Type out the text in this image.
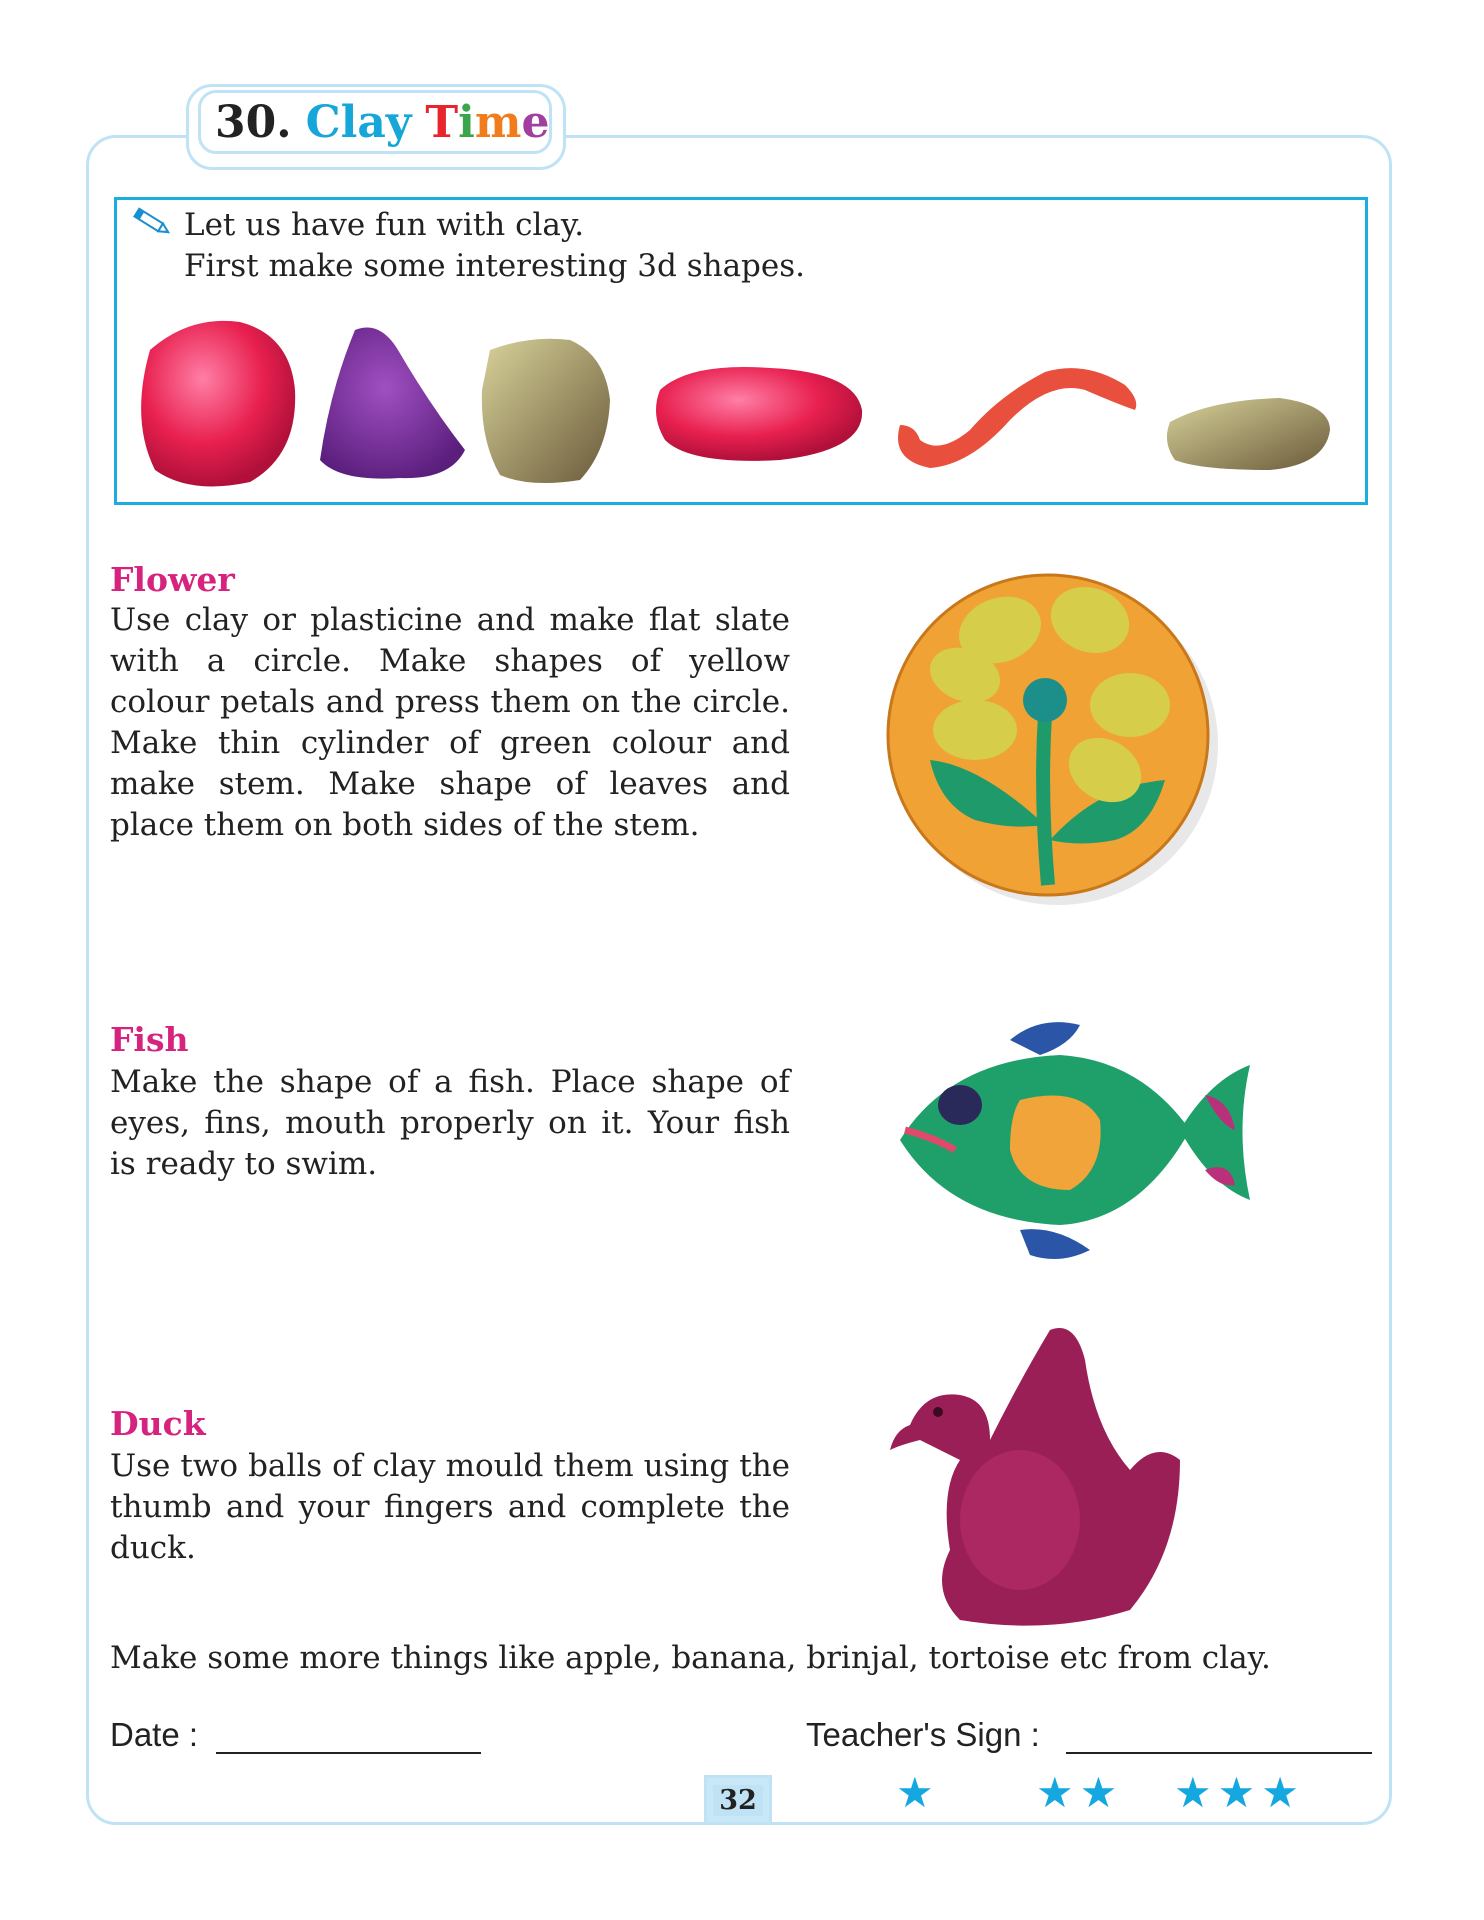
30. Clay Time
Let us have fun with clay.
First make some interesting 3d shapes.
Flower
Use clay or plasticine and make flat slate with a circle. Make shapes of yellow colour petals and press them on the circle. Make thin cylinder of green colour and make stem. Make shape of leaves and place them on both sides of the stem.
Fish
Make the shape of a fish. Place shape of eyes, fins, mouth properly on it. Your fish is ready to swim.
Duck
Use two balls of clay mould them using the thumb and your fingers and complete the duck.
Make some more things like apple, banana, brinjal, tortoise etc from clay.
Date :	Teacher's Sign :
32	★ ★★ ★★★
